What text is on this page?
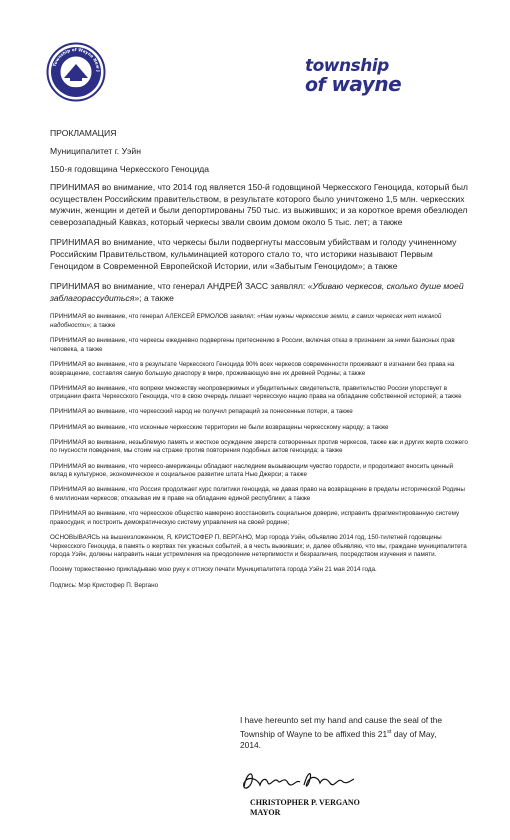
Township of Wayne New J	township
of wayne
ПРОКЛАМАЦИЯ
Муниципалитет г. Уэйн
150-я годовщина Черкесского Геноцида

ПРИНИМАЯ во внимание, что 2014 год является 150-й годовщиной Черкесского Геноцида, который был осуществлен Российским правительством, в результате которого было уничтожено 1,5 млн. черкесских мужчин, женщин и детей и были депортированы 750 тыс. из выживших; и за короткое время обезлюдел северозападный Кавказ, который черкесы звали своим домом около 5 тыс. лет; а также

ПРИНИМАЯ во внимание, что черкесы были подвергнуты массовым убийствам и голоду учиненному Российским Правительством, кульминацией которого стало то, что историки называют Первым Геноцидом в Современной Европейской Истории, или «Забытым Геноцидом»; а также

ПРИНИМАЯ во внимание, что генерал АНДРЕЙ ЗАСС заявлял: «Убиваю черкесов, сколько душе моей заблагорассудиться»; а также

ПРИНИМАЯ во внимание, что генерал АЛЕКСЕЙ ЕРМОЛОВ заявлял: «Нам нужны черкесские земли, в самих черкесах нет никакой надобности»; а также

ПРИНИМАЯ во внимание, что черкесы ежедневно подвергены притеснению в России, включая отказ в признании за ними базисных прав человека, а также

ПРИНИМАЯ во внимание, что в результате Черкесского Геноцида 90% всех черкесов современности проживают в изгнании без права на возвращение, составляя самую большую диаспору в мире, проживающую вне их древней Родины; а также

ПРИНИМАЯ во внимание, что вопреки множеству неопровержимых и убедительных свидетельств, правительство России упорствует в отрицании факта Черкесского Геноцида, что в свою очередь лишает черкесскую нацию права на обладание собственной историей; а также

ПРИНИМАЯ во внимание, что черкесский народ не получил репараций за понесенные потери, а также

ПРИНИМАЯ во внимание, что исконные черкесские территории не были возвращены черкесскому народу; а также

ПРИНИМАЯ во внимание, незыблемую память и жесткое осуждение зверств сотворенных против черкесов, также как и других жертв схожего по гнусности поведения, мы стоим на страже против повторения подобных актов геноцида; а также

ПРИНИМАЯ во внимание, что черкесо-американцы обладают наследием вызывающим чувство гордости, и продолжают вносить ценный вклад в культурное, экономическое и социальное развитие штата Нью Джерси; а также

ПРИНИМАЯ во внимание, что Россия продолжает курс политики геноцида, не давая право на возвращение в пределы исторической Родины 6 миллионам черкесов; отказывая им в праве на обладание единой республики; а также

ПРИНИМАЯ во внимание, что черкесское общество намерено восстановить социальное доверие, исправить фрагментированную систему правосудия; и построить демократическую систему управления на своей родине;

ОСНОВЫВАЯСЬ на вышеизложенном, Я, КРИСТОФЕР П. ВЕРГАНО, Мэр города Уэйн, объявляю 2014 год, 150-тилетней годовщины Черкесского Геноцида, в память о жертвах тех ужасных событий, а в честь выживших; и, далее объявляю, что мы, граждане муниципалитета города Уэйн, должны направить наши устремления на преодоление нетерпимости и безразличия, посредством изучения и памяти.

Посему торжественно прикладываю мою руку к оттиску печати Муниципалитета города Уэйн 21 мая 2014 года.

Подпись: Мэр Кристофер П. Вергано

I have hereunto set my hand and cause the seal of the
Township of Wayne to be affixed this 21st day of May,
2014.
CHRISTOPHER P. VERGANO
MAYOR
